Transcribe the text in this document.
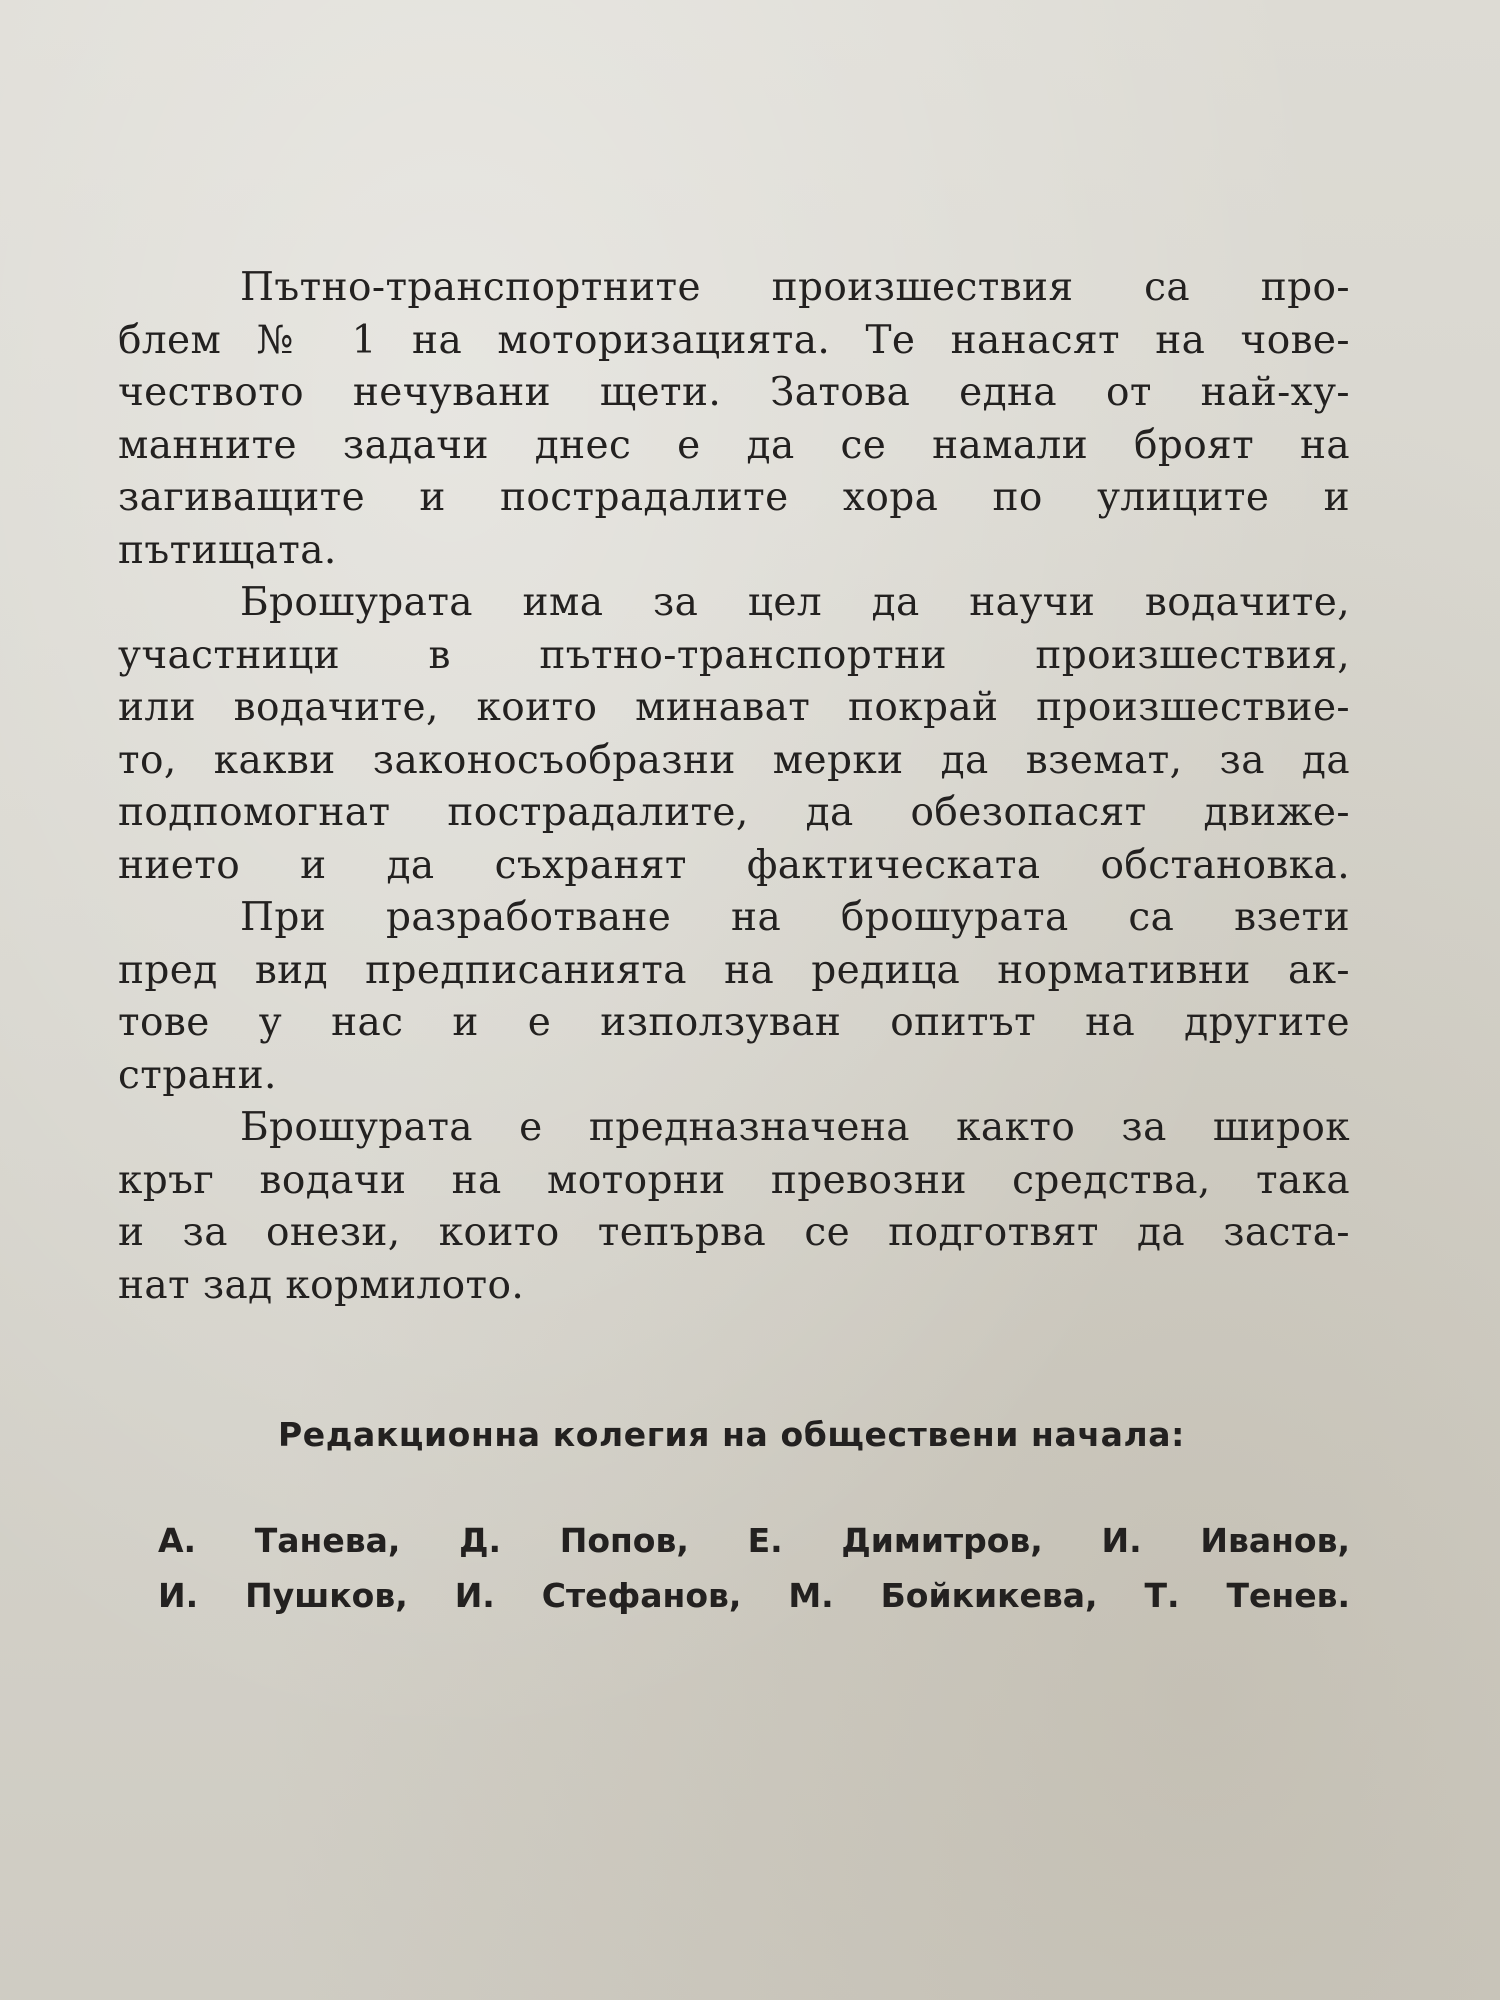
Пътно-транспортните произшествия са про-
блем № 1 на моторизацията. Те нанасят на чове-
чеството нечувани щети. Затова една от най-ху-
манните задачи днес е да се намали броят на
загиващите и пострадалите хора по улиците и
пътищата.
Брошурата има за цел да научи водачите,
участници в пътно-транспортни произшествия,
или водачите, които минават покрай произшествие-
то, какви законосъобразни мерки да вземат, за да
подпомогнат пострадалите, да обезопасят движе-
нието и да съхранят фактическата обстановка.
При разработване на брошурата са взети
пред вид предписанията на редица нормативни ак-
тове у нас и е използуван опитът на другите
страни.
Брошурата е предназначена както за широк
кръг водачи на моторни превозни средства, така
и за онези, които тепърва се подготвят да заста-
нат зад кормилото.
Редакционна колегия на обществени начала:
А. Танева, Д. Попов, Е. Димитров, И. Иванов,
И. Пушков, И. Стефанов, М. Бойкикева, Т. Тенев.
